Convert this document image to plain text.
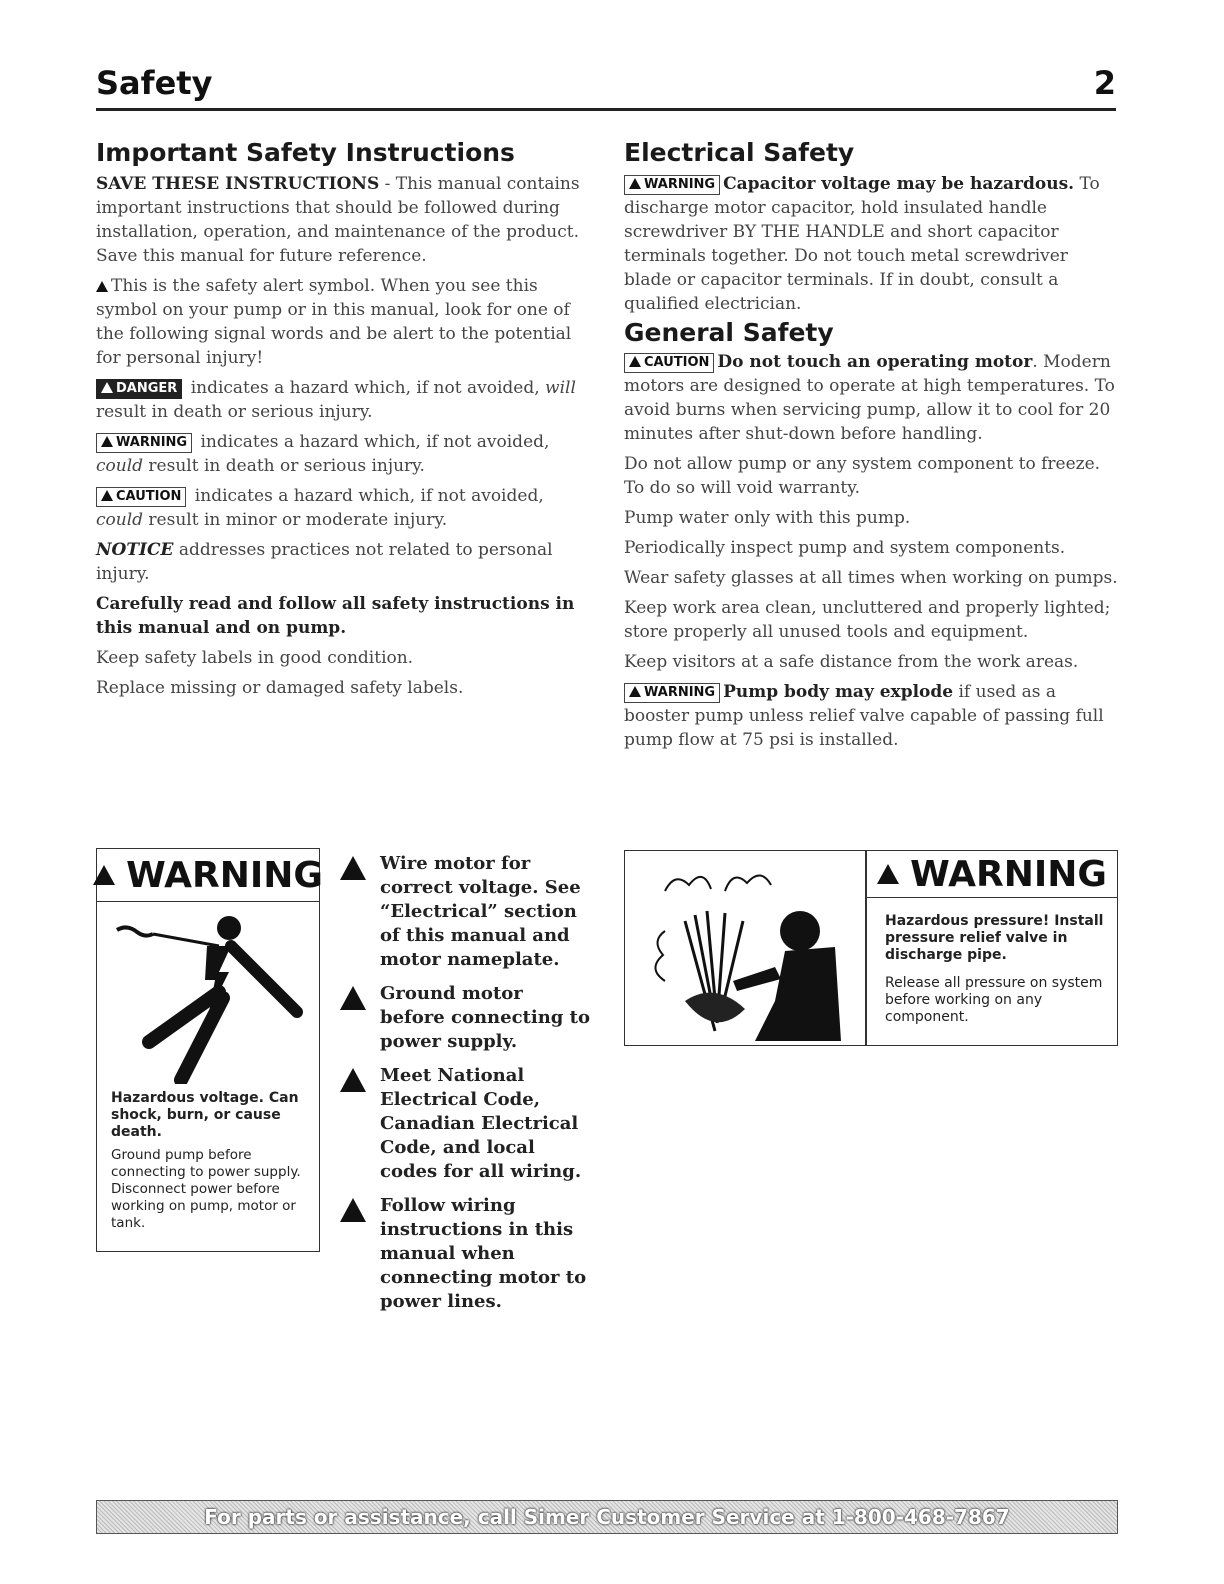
Safety	2
Important Safety Instructions

SAVE THESE INSTRUCTIONS - This manual contains important instructions that should be followed during installation, operation, and maintenance of the product. Save this manual for future reference.

This is the safety alert symbol. When you see this symbol on your pump or in this manual, look for one of the following signal words and be alert to the potential for personal injury!

DANGER indicates a hazard which, if not avoided, will result in death or serious injury.

WARNING indicates a hazard which, if not avoided, could result in death or serious injury.

CAUTION indicates a hazard which, if not avoided, could result in minor or moderate injury.

NOTICE addresses practices not related to personal injury.

Carefully read and follow all safety instructions in this manual and on pump.

Keep safety labels in good condition.

Replace missing or damaged safety labels.

Electrical Safety

WARNING Capacitor voltage may be hazardous. To discharge motor capacitor, hold insulated handle screwdriver BY THE HANDLE and short capacitor terminals together. Do not touch metal screwdriver blade or capacitor terminals. If in doubt, consult a qualified electrician.

General Safety

CAUTION Do not touch an operating motor. Modern motors are designed to operate at high temperatures. To avoid burns when servicing pump, allow it to cool for 20 minutes after shut-down before handling.

Do not allow pump or any system component to freeze. To do so will void warranty.

Pump water only with this pump.

Periodically inspect pump and system components.

Wear safety glasses at all times when working on pumps.

Keep work area clean, uncluttered and properly lighted; store properly all unused tools and equipment.

Keep visitors at a safe distance from the work areas.

WARNING Pump body may explode if used as a booster pump unless relief valve capable of passing full pump flow at 75 psi is installed.

WARNING
Hazardous voltage. Can shock, burn, or cause death.
Ground pump before connecting to power supply. Disconnect power before working on pump, motor or tank.
Wire motor for correct voltage. See “Electrical” section of this manual and motor nameplate.
Ground motor before connecting to power supply.
Meet National Electrical Code, Canadian Electrical Code, and local codes for all wiring.
Follow wiring instructions in this manual when connecting motor to power lines.
WARNING
Hazardous pressure! Install pressure relief valve in discharge pipe.
Release all pressure on system before working on any component.
For parts or assistance, call Simer Customer Service at 1-800-468-7867
